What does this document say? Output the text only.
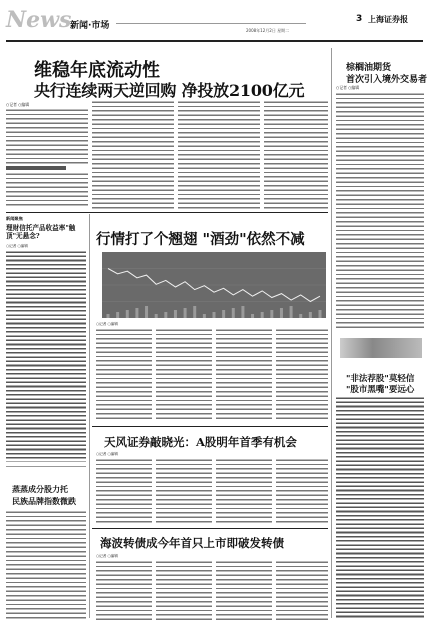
News
新闻·市场
3 上海证券报
2008年12月2日 星期二
维稳年底流动性
央行连续两天逆回购 净投放2100亿元
○记者 ○编辑
棕榈油期货
首次引入境外交易者
○记者 ○编辑
新闻聚焦
理财信托产品收益率"触顶"无悬念?
○记者 ○编辑
蒸蒸成分股力托
民族品牌指数微跌
行情打了个翘翅 "酒劲"依然不减
○记者 ○编辑
"非法荐股"莫轻信
"股市黑嘴"要远心
天风证券敲晓光：A股明年首季有机会
○记者 ○编辑
海波转债成今年首只上市即破发转债
○记者 ○编辑
